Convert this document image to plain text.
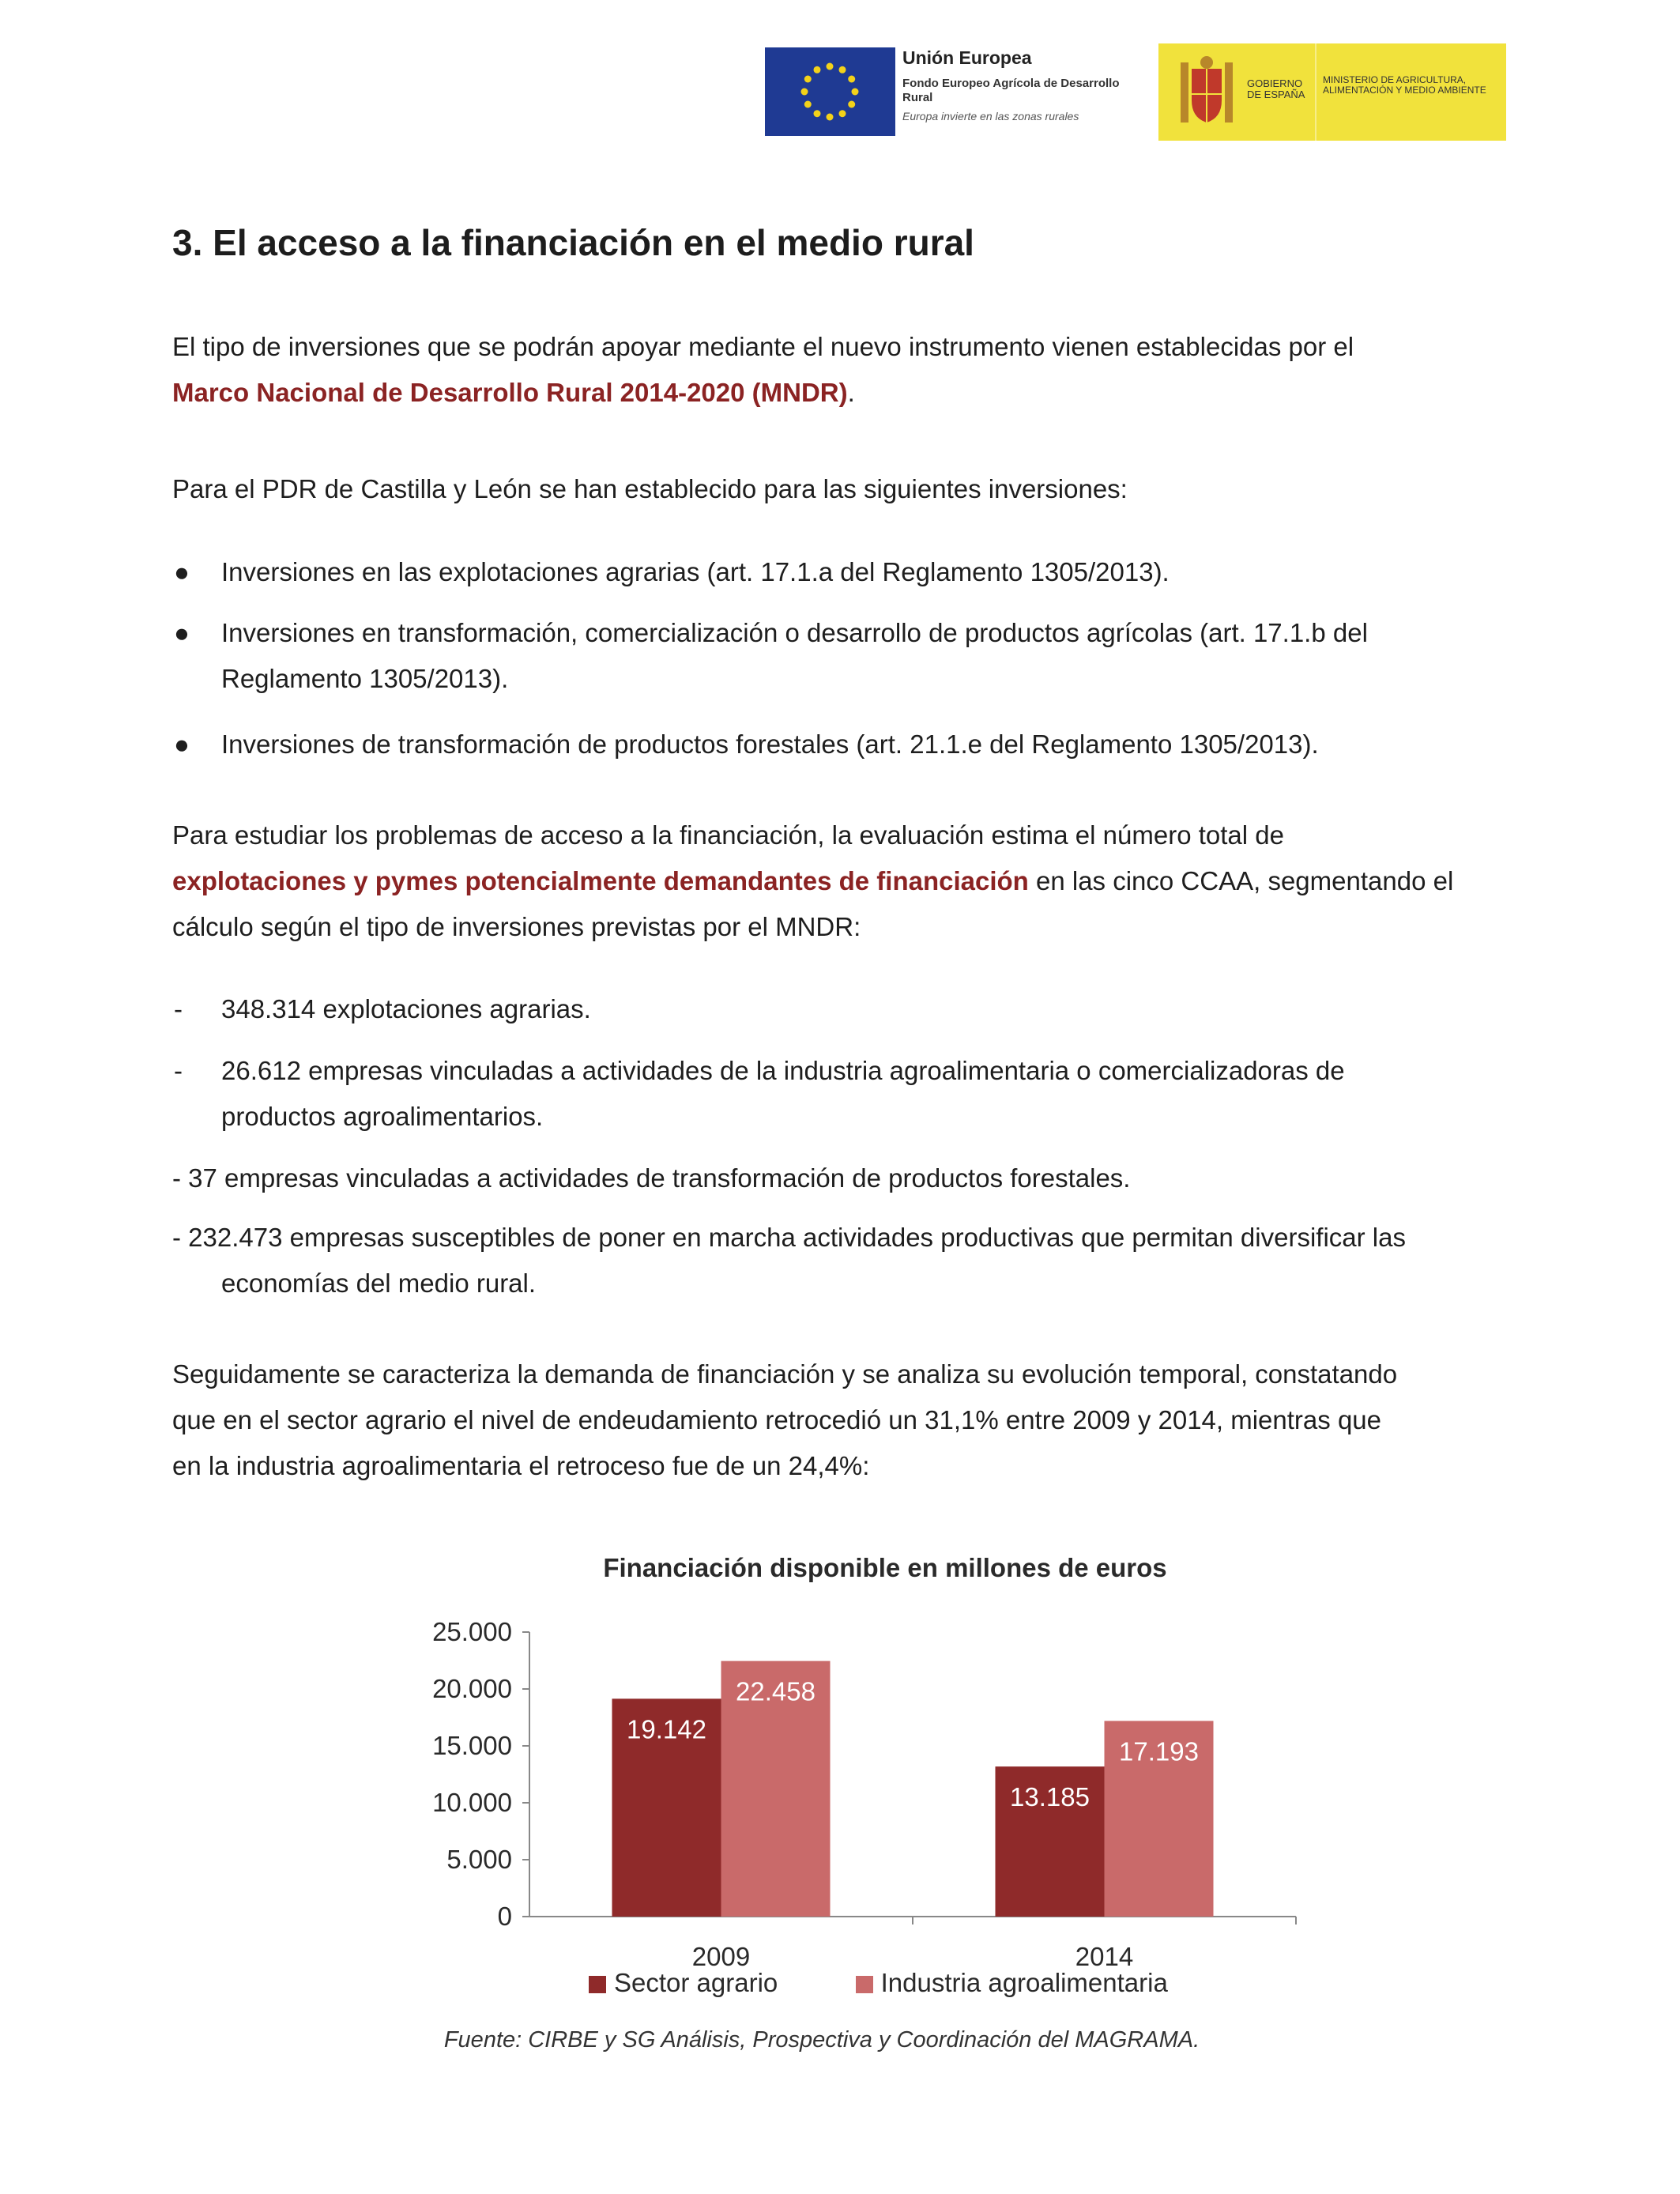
Unión Europea
Fondo Europeo Agrícola de Desarrollo Rural
Europa invierte en las zonas rurales
GOBIERNO DE ESPAÑA
MINISTERIO DE AGRICULTURA, ALIMENTACIÓN Y MEDIO AMBIENTE
3. El acceso a la financiación en el medio rural
El tipo de inversiones que se podrán apoyar mediante el nuevo instrumento vienen establecidas por el
Marco Nacional de Desarrollo Rural 2014-2020 (MNDR).
Para el PDR de Castilla y León se han establecido para las siguientes inversiones:
● Inversiones en las explotaciones agrarias (art. 17.1.a del Reglamento 1305/2013).
● Inversiones en transformación, comercialización o desarrollo de productos agrícolas (art. 17.1.b del
Reglamento 1305/2013).
● Inversiones de transformación de productos forestales (art. 21.1.e del Reglamento 1305/2013).
Para estudiar los problemas de acceso a la financiación, la evaluación estima el número total de
explotaciones y pymes potencialmente demandantes de financiación en las cinco CCAA, segmentando el
cálculo según el tipo de inversiones previstas por el MNDR:
- 348.314 explotaciones agrarias.
- 26.612 empresas vinculadas a actividades de la industria agroalimentaria o comercializadoras de
productos agroalimentarios.
- 37 empresas vinculadas a actividades de transformación de productos forestales.
- 232.473 empresas susceptibles de poner en marcha actividades productivas que permitan diversificar las
economías del medio rural.
Seguidamente se caracteriza la demanda de financiación y se analiza su evolución temporal, constatando
que en el sector agrario el nivel de endeudamiento retrocedió un 31,1% entre 2009 y 2014, mientras que
en la industria agroalimentaria el retroceso fue de un 24,4%:
Financiación disponible en millones de euros
0
5.000
10.000
15.000
20.000
25.000
19.142
22.458
2009
13.185
17.193
2014
Sector agrario	Industria agroalimentaria
Fuente: CIRBE y SG Análisis, Prospectiva y Coordinación del MAGRAMA.
